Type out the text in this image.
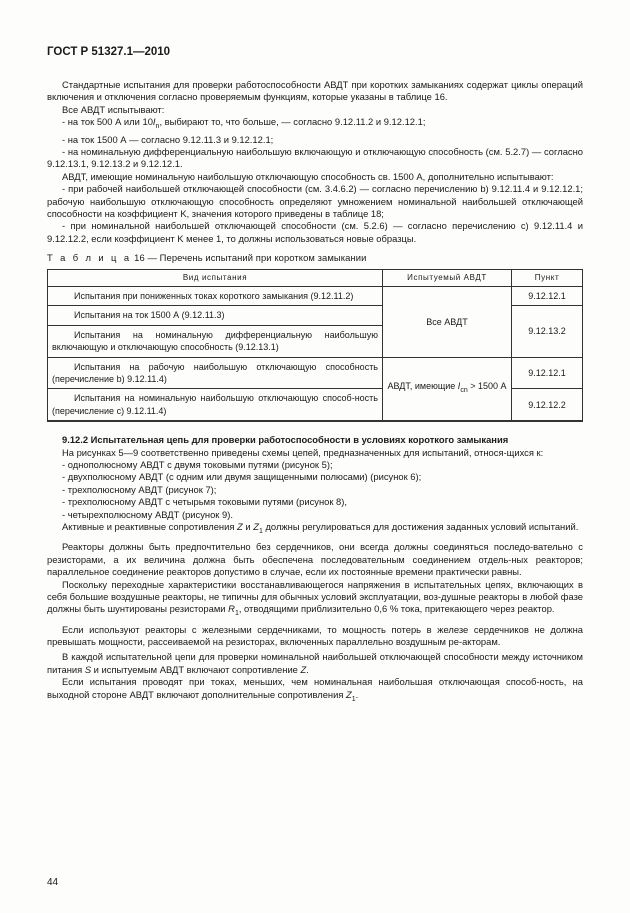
ГОСТ Р 51327.1—2010

Стандартные испытания для проверки работоспособности АВДТ при коротких замыканиях содержат циклы операций включения и отключения согласно проверяемым функциям, которые указаны в таблице 16.

Все АВДТ испытывают:

- на ток 500 А или $10I_n$, выбирают то, что больше, — согласно 9.12.11.2 и 9.12.12.1;

- на ток 1500 А — согласно 9.12.11.3 и 9.12.12.1;

- на номинальную дифференциальную наибольшую включающую и отключающую способность (см. 5.2.7) — согласно 9.12.13.1, 9.12.13.2 и 9.12.12.1.

АВДТ, имеющие номинальную наибольшую отключающую способность св. 1500 А, дополнительно испытывают:

- при рабочей наибольшей отключающей способности (см. 3.4.6.2) — согласно перечислению b) 9.12.11.4 и 9.12.12.1; рабочую наибольшую отключающую способность определяют умножением номинальной наибольшей отключающей способности на коэффициент K, значения которого приведены в таблице 18;

- при номинальной наибольшей отключающей способности (см. 5.2.6) — согласно перечислению c) 9.12.11.4 и 9.12.12.2, если коэффициент K менее 1, то должны использоваться новые образцы.

Т а б л и ц а 16 — Перечень испытаний при коротком замыкании

Вид испытания	Испытуемый АВДТ	Пункт

Испытания при пониженных токах короткого замыкания (9.12.11.2)	Все АВДТ	9.12.12.1

Испытания на ток 1500 А (9.12.11.3)		9.12.13.2

Испытания на номинальную дифференциальную наибольшую включающую и отключающую способность (9.12.13.1)		

Испытания на рабочую наибольшую отключающую способность (перечисление b) 9.12.11.4)	АВДТ, имеющие $I_{cn} > 1500$ А	9.12.12.1

Испытания на номинальную наибольшую отключающую способ-ность (перечисление c) 9.12.11.4)		9.12.12.2

9.12.2 Испытательная цепь для проверки работоспособности в условиях короткого замыкания

На рисунках 5—9 соответственно приведены схемы цепей, предназначенных для испытаний, относя-щихся к:

- однополюсному АВДТ с двумя токовыми путями (рисунок 5);

- двухполюсному АВДТ (с одним или двумя защищенными полюсами) (рисунок 6);

- трехполюсному АВДТ (рисунок 7);

- трехполюсному АВДТ с четырьмя токовыми путями (рисунок 8),

- четырехполюсному АВДТ (рисунок 9).

Активные и реактивные сопротивления Z и $Z_1$ должны регулироваться для достижения заданных условий испытаний.

Реакторы должны быть предпочтительно без сердечников, они всегда должны соединяться последо-вательно с резисторами, а их величина должна быть обеспечена последовательным соединением отдель-ных реакторов; параллельное соединение реакторов допустимо в случае, если их постоянные времени практически равны.

Поскольку переходные характеристики восстанавливающегося напряжения в испытательных цепях, включающих в себя большие воздушные реакторы, не типичны для обычных условий эксплуатации, воз-душные реакторы в любой фазе должны быть шунтированы резисторами $R_1$, отводящими приблизительно 0,6 % тока, притекающего через реактор.

Если используют реакторы с железными сердечниками, то мощность потерь в железе сердечников не должна превышать мощности, рассеиваемой на резисторах, включенных параллельно воздушным ре-акторам.

В каждой испытательной цепи для проверки номинальной наибольшей отключающей способности между источником питания S и испытуемым АВДТ включают сопротивление Z.

Если испытания проводят при токах, меньших, чем номинальная наибольшая отключающая способ-ность, на выходной стороне АВДТ включают дополнительные сопротивления $Z_1$.

44
